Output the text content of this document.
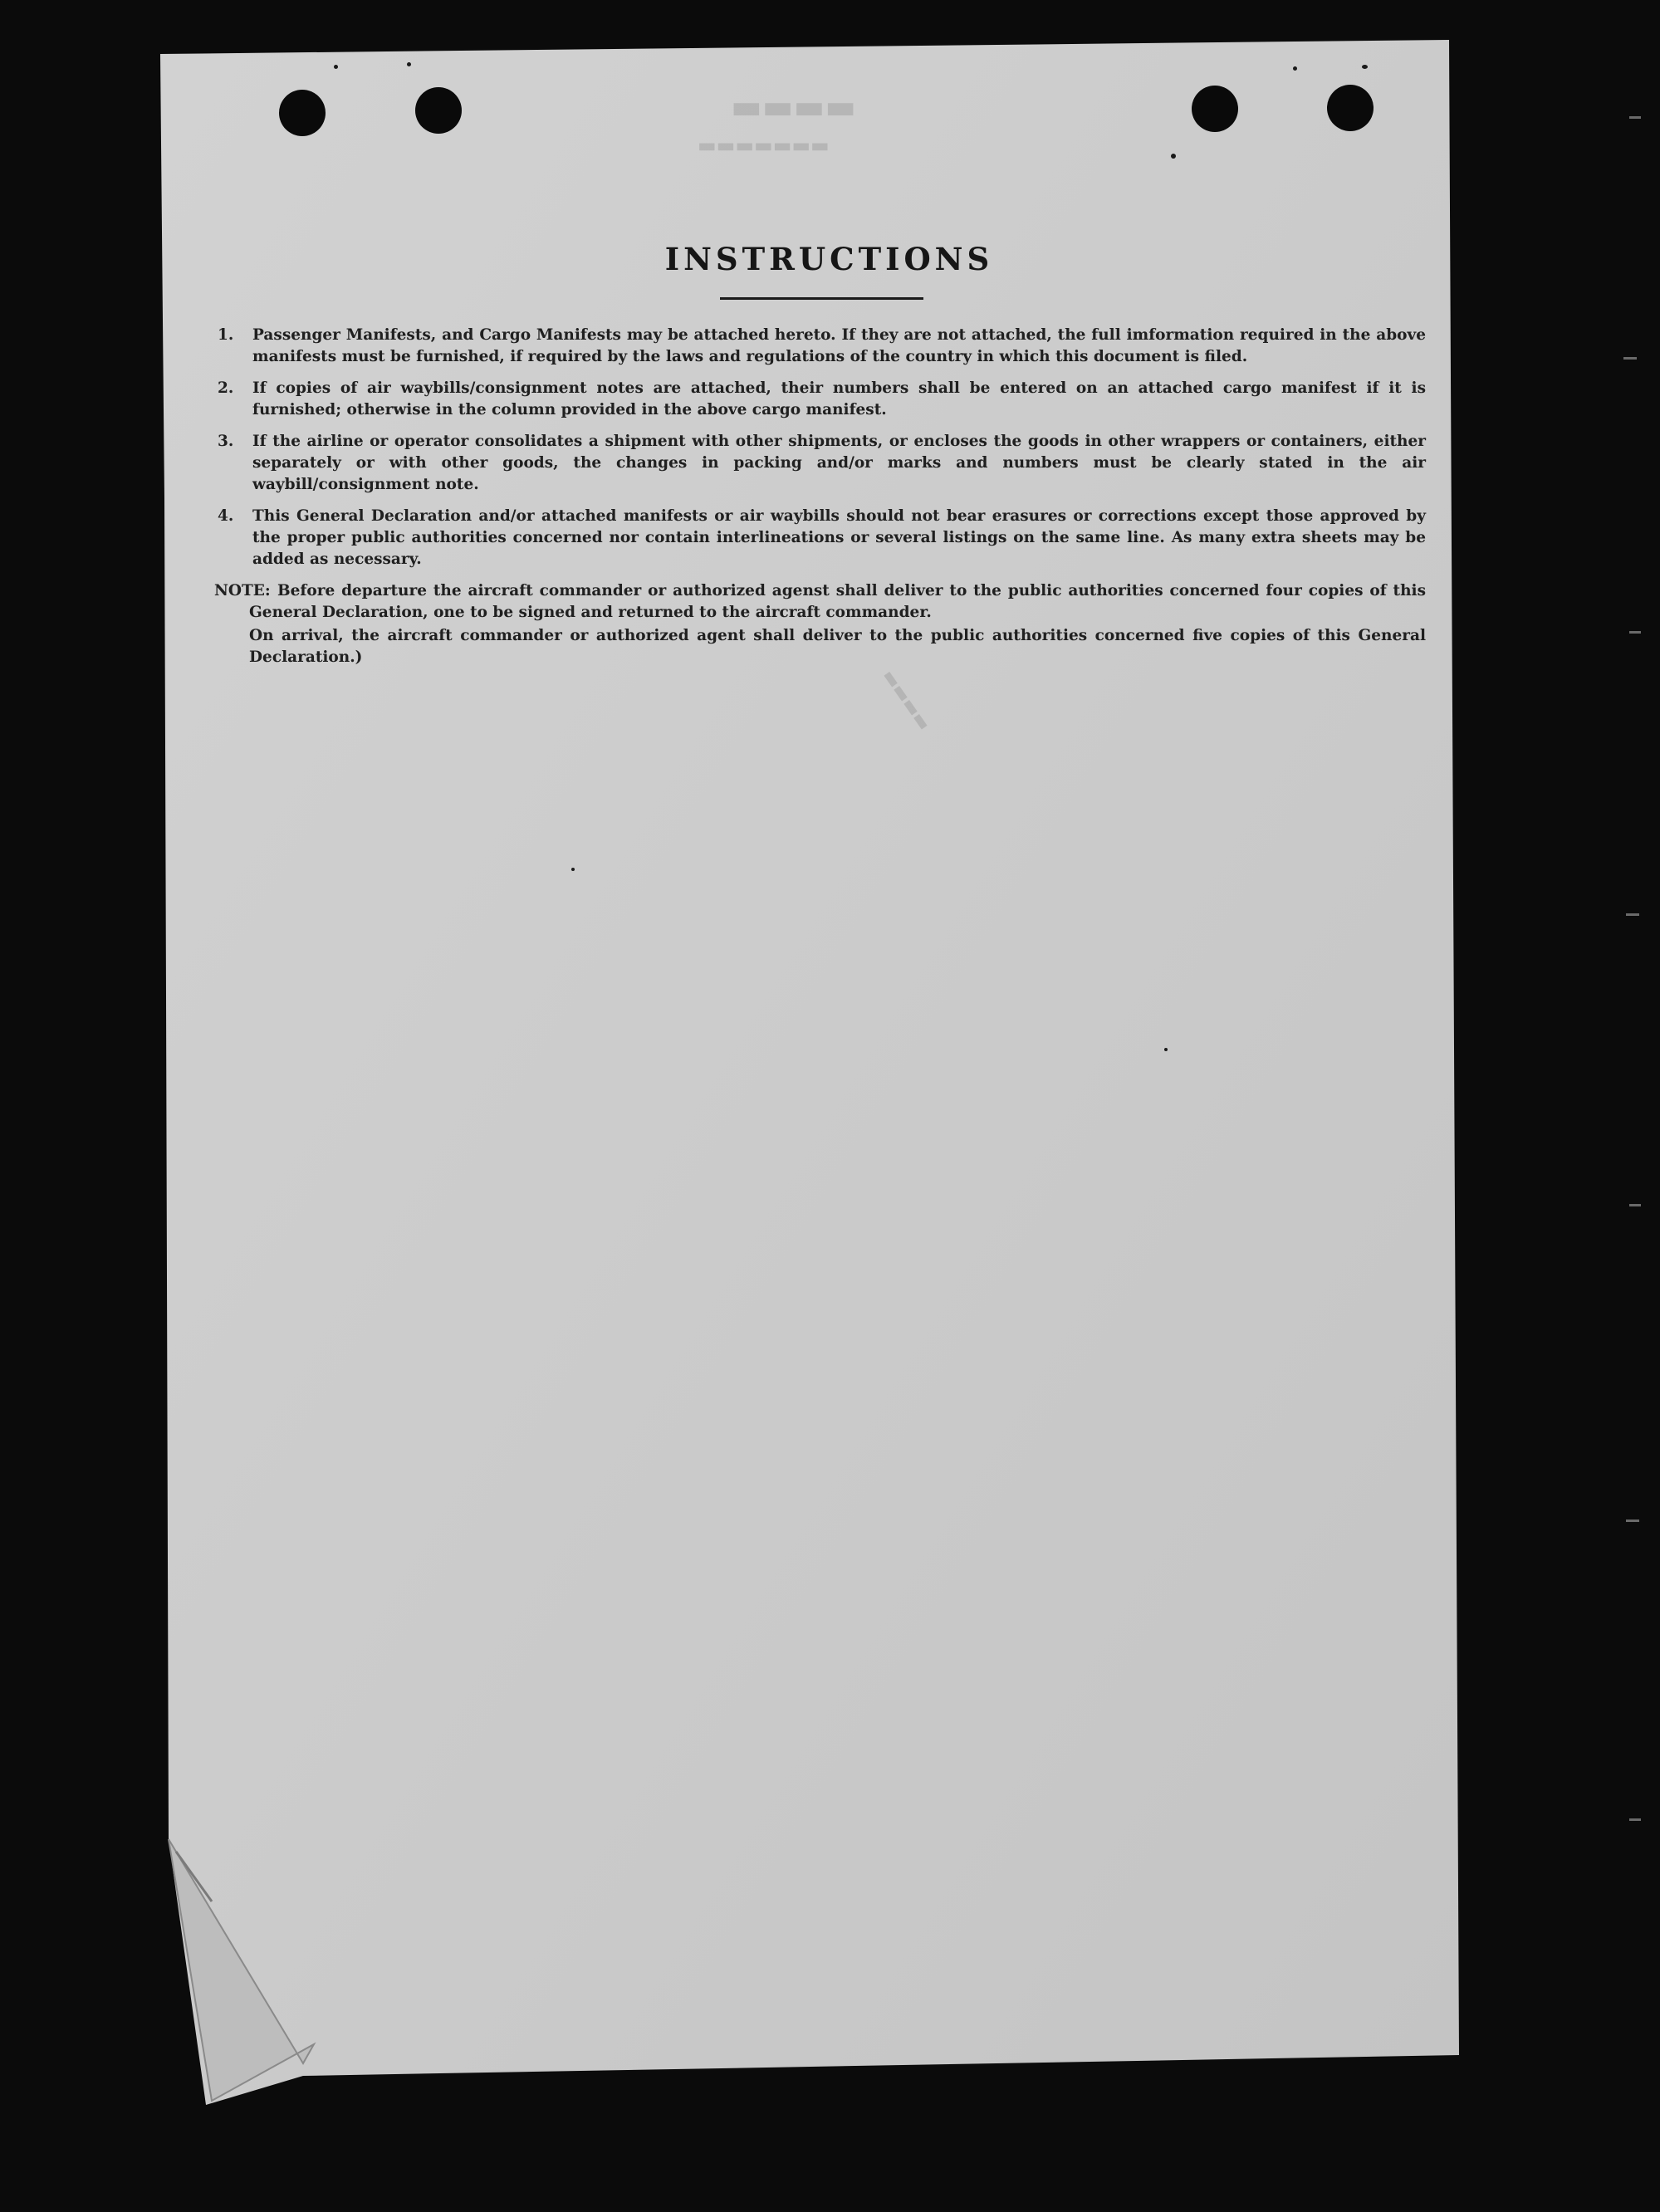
▬▬▬▬
▬▬▬▬▬▬▬
▬▬▬▬
INSTRUCTIONS
1. Passenger Manifests, and Cargo Manifests may be attached hereto. If they are not attached, the full imformation required in the above manifests must be furnished, if required by the laws and regulations of the country in which this document is filed.
2. If copies of air waybills/consignment notes are attached, their numbers shall be entered on an attached cargo manifest if it is furnished; otherwise in the column provided in the above cargo manifest.
3. If the airline or operator consolidates a shipment with other shipments, or encloses the goods in other wrappers or containers, either separately or with other goods, the changes in packing and/or marks and numbers must be clearly stated in the air waybill/consignment note.
4. This General Declaration and/or attached manifests or air waybills should not bear erasures or corrections except those approved by the proper public authorities concerned nor contain interlineations or several listings on the same line. As many extra sheets may be added as necessary.
NOTE: Before departure the aircraft commander or authorized agenst shall deliver to the public authorities concerned four copies of this General Declaration, one to be signed and returned to the aircraft commander.

On arrival, the aircraft commander or authorized agent shall deliver to the public authorities concerned five copies of this General Declaration.)
